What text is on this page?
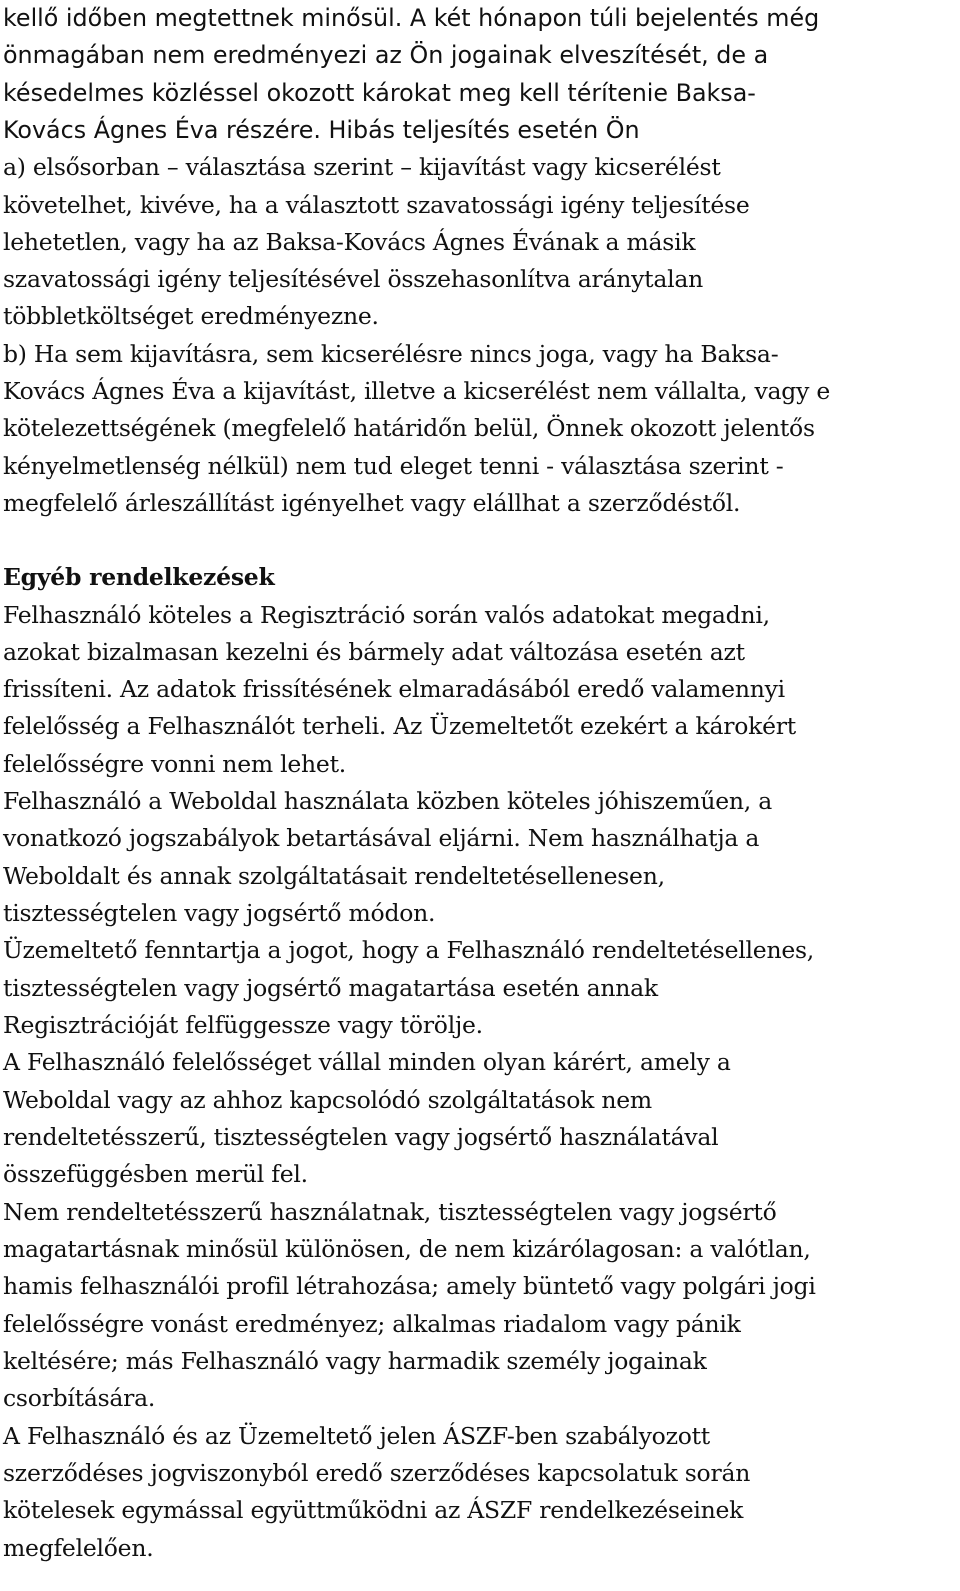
kellő időben megtettnek minősül. A két hónapon túli bejelentés még
önmagában nem eredményezi az Ön jogainak elveszítését, de a
késedelmes közléssel okozott károkat meg kell térítenie Baksa-
Kovács Ágnes Éva részére. Hibás teljesítés esetén Ön
a) elsősorban – választása szerint – kijavítást vagy kicserélést
követelhet, kivéve, ha a választott szavatossági igény teljesítése
lehetetlen, vagy ha az Baksa-Kovács Ágnes Évának a másik
szavatossági igény teljesítésével összehasonlítva aránytalan
többletköltséget eredményezne.
b) Ha sem kijavításra, sem kicserélésre nincs joga, vagy ha Baksa-
Kovács Ágnes Éva a kijavítást, illetve a kicserélést nem vállalta, vagy e
kötelezettségének (megfelelő határidőn belül, Önnek okozott jelentős
kényelmetlenség nélkül) nem tud eleget tenni - választása szerint -
megfelelő árleszállítást igényelhet vagy elállhat a szerződéstől.
Egyéb rendelkezések
Felhasználó köteles a Regisztráció során valós adatokat megadni,
azokat bizalmasan kezelni és bármely adat változása esetén azt
frissíteni. Az adatok frissítésének elmaradásából eredő valamennyi
felelősség a Felhasználót terheli. Az Üzemeltetőt ezekért a károkért
felelősségre vonni nem lehet.
Felhasználó a Weboldal használata közben köteles jóhiszeműen, a
vonatkozó jogszabályok betartásával eljárni. Nem használhatja a
Weboldalt és annak szolgáltatásait rendeltetésellenesen,
tisztességtelen vagy jogsértő módon.
Üzemeltető fenntartja a jogot, hogy a Felhasználó rendeltetésellenes,
tisztességtelen vagy jogsértő magatartása esetén annak
Regisztrációját felfüggessze vagy törölje.
A Felhasználó felelősséget vállal minden olyan kárért, amely a
Weboldal vagy az ahhoz kapcsolódó szolgáltatások nem
rendeltetésszerű, tisztességtelen vagy jogsértő használatával
összefüggésben merül fel.
Nem rendeltetésszerű használatnak, tisztességtelen vagy jogsértő
magatartásnak minősül különösen, de nem kizárólagosan: a valótlan,
hamis felhasználói profil létrahozása; amely büntető vagy polgári jogi
felelősségre vonást eredményez; alkalmas riadalom vagy pánik
keltésére; más Felhasználó vagy harmadik személy jogainak
csorbítására.
A Felhasználó és az Üzemeltető jelen ÁSZF-ben szabályozott
szerződéses jogviszonyból eredő szerződéses kapcsolatuk során
kötelesek egymással együttműködni az ÁSZF rendelkezéseinek
megfelelően.
